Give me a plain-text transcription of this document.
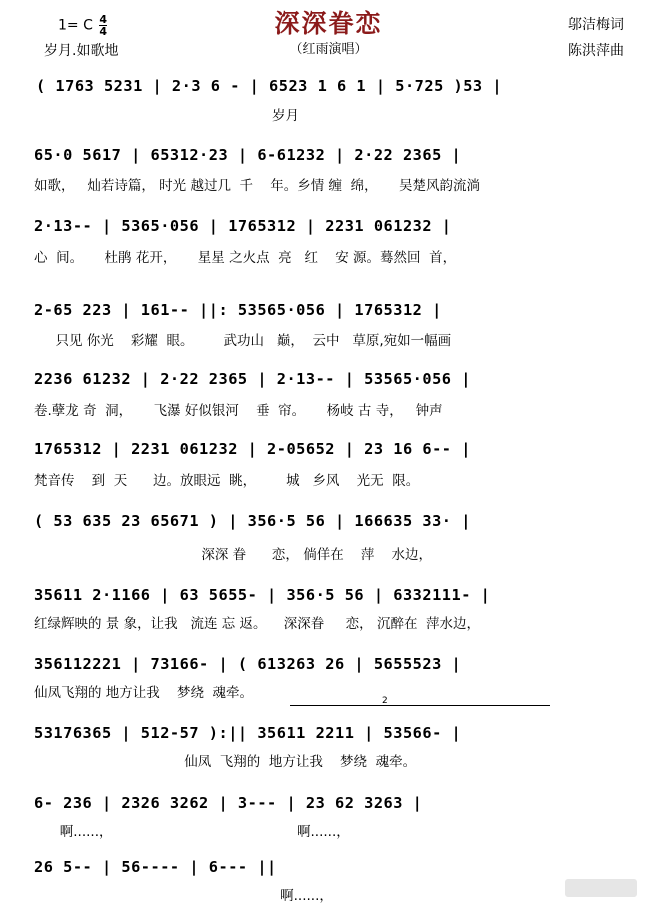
深深眷恋
（红雨演唱）
1= C $\frac{4}{4}$
岁月.如歌地
邬洁梅词
陈洪萍曲
( 1763 5231 | 2·3 6 - | 6523 1 6 1 | 5·725 )53 |
岁月
65·0 5617 | 65312·23 | 6-61232 | 2·22 2365 |
如歌，   灿若诗篇， 时光 越过几  千    年。乡情 缠  绵，     吴楚风韵流淌
2·13-- | 5365·056 | 1765312 | 2231 061232 |
心  间。     杜鹃 花开，     星星 之火点  亮   红    安 源。蓦然回  首，
2-65 223 | 161-- ||: 53565·056 | 1765312 |
只见 你光    彩耀  眼。       武功山   巅，  云中   草原,宛如一幅画
2236 61232 | 2·22 2365 | 2·13-- | 53565·056 |
卷.孽龙 奇  洞，     飞瀑 好似银河    垂  帘。     杨岐 古 寺，   钟声
1765312 | 2231 061232 | 2-05652 | 23 16 6-- |
梵音传    到  天      边。放眼远  眺，       城   乡风    光无  限。
( 53 635 23 65671 ) | 356·5 56 | 166635 33· |
深深 眷      恋， 倘佯在    萍    水边，
35611 2·1166 | 63 5655- | 356·5 56 | 6332111- |
红绿辉映的 景 象，让我   流连 忘 返。    深深眷     恋， 沉醉在  萍水边，
356112221 | 73166- | ( 613263 26 | 5655523 |
仙凤飞翔的 地方让我    梦绕  魂牵。	2
53176365 | 512-57 ):|| 35611 2211 | 53566- |
仙凤  飞翔的  地方让我    梦绕  魂牵。
6- 236 | 2326 3262 | 3--- | 23 62 3263 |
啊......，                                           啊......，
26 5-- | 56---- | 6--- ||
啊......，
